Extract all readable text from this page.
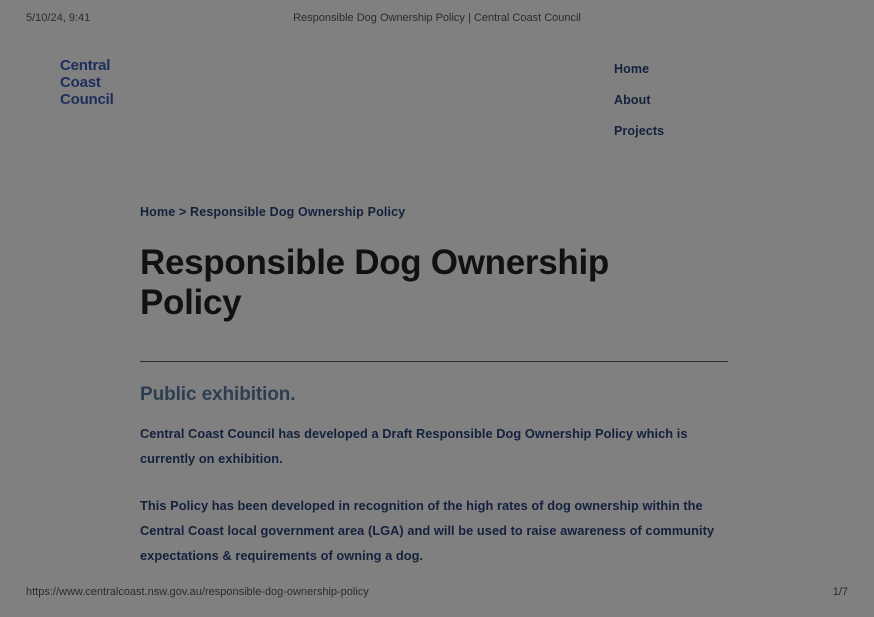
5/10/24, 9:41	Responsible Dog Ownership Policy | Central Coast Council
Central
Coast
Council
Home
About
Projects
Home > Responsible Dog Ownership Policy
Responsible Dog Ownership Policy
Public exhibition.

Central Coast Council has developed a Draft Responsible Dog Ownership Policy which is currently on exhibition.

This Policy has been developed in recognition of the high rates of dog ownership within the Central Coast local government area (LGA) and will be used to raise awareness of community expectations & requirements of owning a dog.

https://www.centralcoast.nsw.gov.au/responsible-dog-ownership-policy	1/7
